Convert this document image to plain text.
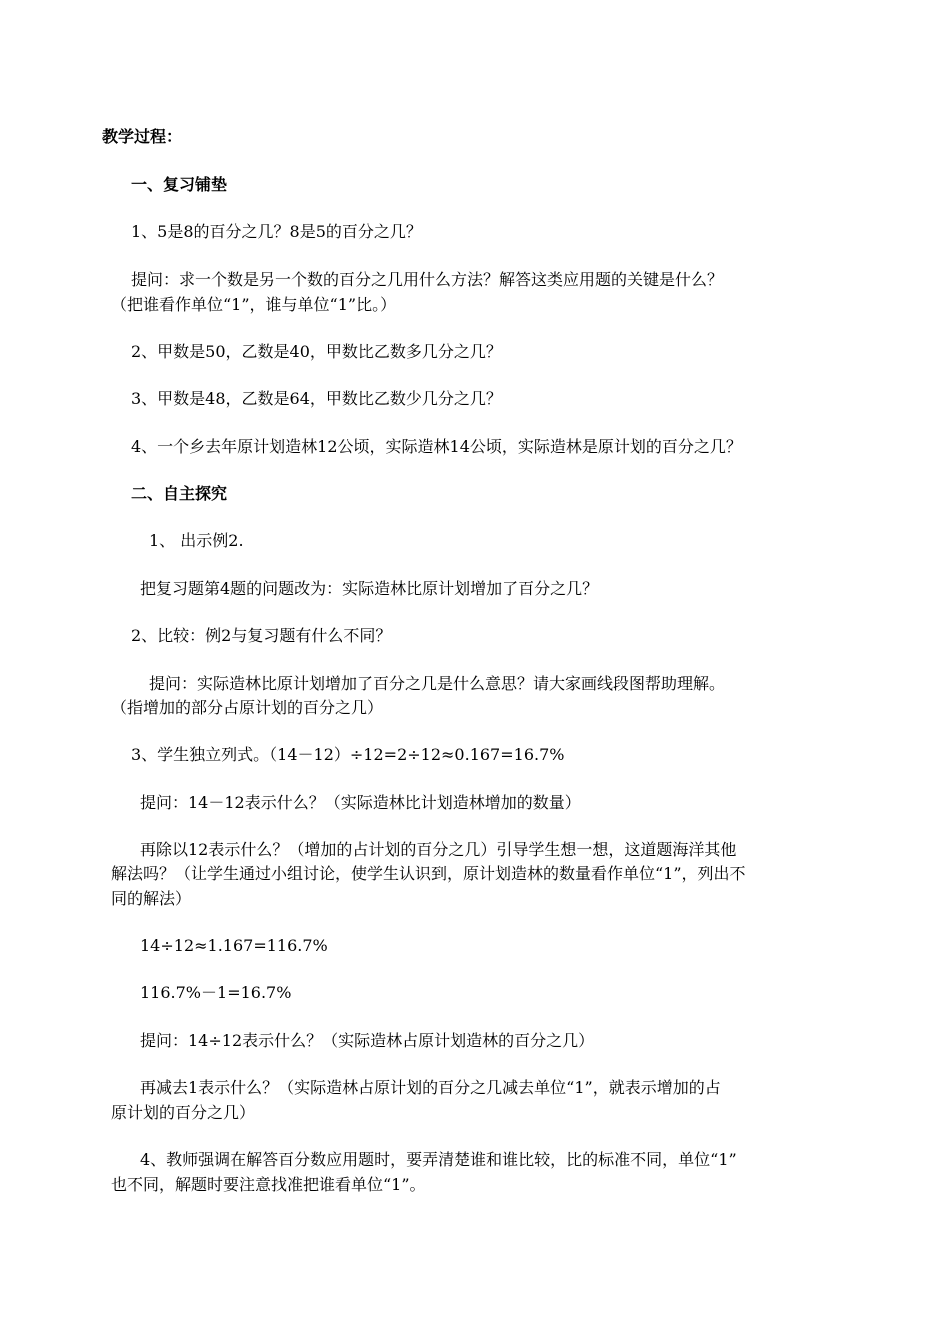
教学过程：
一、复习铺垫
1、5是8的百分之几？8是5的百分之几？
提问：求一个数是另一个数的百分之几用什么方法？解答这类应用题的关键是什么？
（把谁看作单位“1”，谁与单位“1”比。）
2、甲数是50，乙数是40，甲数比乙数多几分之几？
3、甲数是48，乙数是64，甲数比乙数少几分之几？
4、一个乡去年原计划造林12公顷，实际造林14公顷，实际造林是原计划的百分之几？
二、自主探究
1、 出示例2.
把复习题第4题的问题改为：实际造林比原计划增加了百分之几？
2、比较：例2与复习题有什么不同？
提问：实际造林比原计划增加了百分之几是什么意思？请大家画线段图帮助理解。
（指增加的部分占原计划的百分之几）
3、学生独立列式。（14－12）÷12=2÷12≈0.167=16.7%
提问：14－12表示什么？（实际造林比计划造林增加的数量）
再除以12表示什么？（增加的占计划的百分之几）引导学生想一想，这道题海洋其他
解法吗？（让学生通过小组讨论，使学生认识到，原计划造林的数量看作单位“1”，列出不
同的解法）
14÷12≈1.167=116.7%
116.7%－1=16.7%
提问：14÷12表示什么？（实际造林占原计划造林的百分之几）
再减去1表示什么？（实际造林占原计划的百分之几减去单位“1”，就表示增加的占
原计划的百分之几）
4、教师强调在解答百分数应用题时，要弄清楚谁和谁比较，比的标准不同，单位“1”
也不同，解题时要注意找准把谁看单位“1”。
